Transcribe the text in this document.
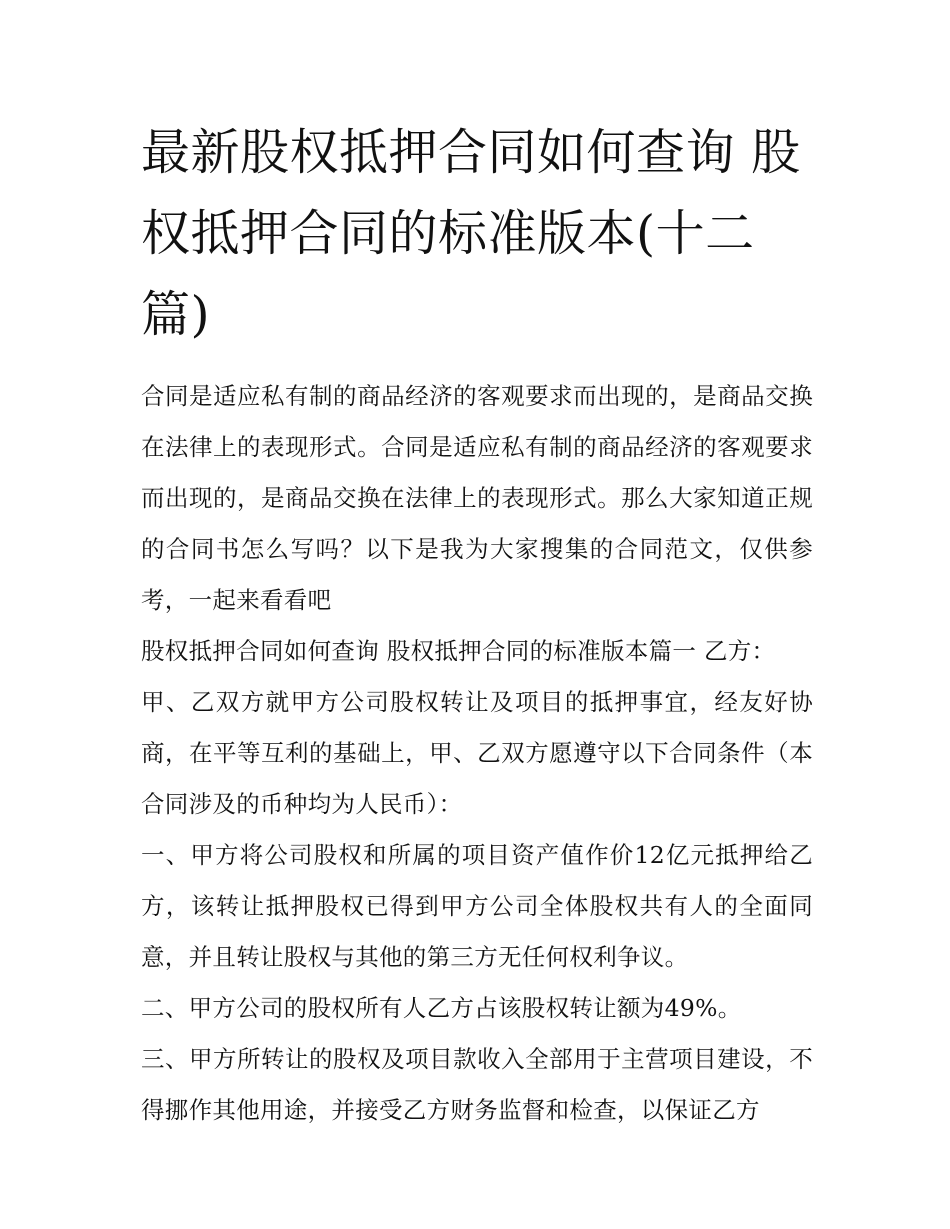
最新股权抵押合同如何查询 股权抵押合同的标准版本(十二篇)

合同是适应私有制的商品经济的客观要求而出现的，是商品交换在法律上的表现形式。合同是适应私有制的商品经济的客观要求而出现的，是商品交换在法律上的表现形式。那么大家知道正规的合同书怎么写吗？以下是我为大家搜集的合同范文，仅供参考，一起来看看吧

股权抵押合同如何查询 股权抵押合同的标准版本篇一 乙方：

甲、乙双方就甲方公司股权转让及项目的抵押事宜，经友好协商，在平等互利的基础上，甲、乙双方愿遵守以下合同条件（本合同涉及的币种均为人民币）：

一、甲方将公司股权和所属的项目资产值作价12亿元抵押给乙方，该转让抵押股权已得到甲方公司全体股权共有人的全面同意，并且转让股权与其他的第三方无任何权利争议。

二、甲方公司的股权所有人乙方占该股权转让额为49%。

三、甲方所转让的股权及项目款收入全部用于主营项目建设，不得挪作其他用途，并接受乙方财务监督和检查，以保证乙方
